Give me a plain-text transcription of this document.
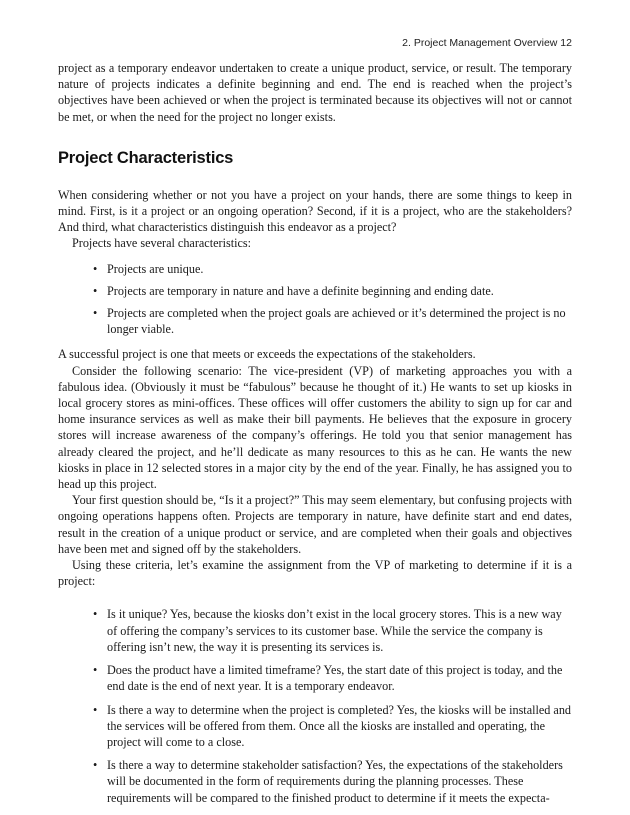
2. Project Management Overview 12

project as a temporary endeavor undertaken to create a unique product, service, or result. The temporary nature of projects indicates a definite beginning and end. The end is reached when the project’s objectives have been achieved or when the project is terminated because its objectives will not or cannot be met, or when the need for the project no longer exists.

Project Characteristics

When considering whether or not you have a project on your hands, there are some things to keep in mind. First, is it a project or an ongoing operation? Second, if it is a project, who are the stakeholders? And third, what characteristics distinguish this endeavor as a project?

Projects have several characteristics:

• Projects are unique.
• Projects are temporary in nature and have a definite beginning and ending date.
• Projects are completed when the project goals are achieved or it’s determined the project is no longer viable.

A successful project is one that meets or exceeds the expectations of the stakeholders.

Consider the following scenario: The vice-president (VP) of marketing approaches you with a fabulous idea. (Obviously it must be “fabulous” because he thought of it.) He wants to set up kiosks in local grocery stores as mini-offices. These offices will offer customers the ability to sign up for car and home insurance services as well as make their bill payments. He believes that the exposure in grocery stores will increase awareness of the company’s offerings. He told you that senior management has already cleared the project, and he’ll dedicate as many resources to this as he can. He wants the new kiosks in place in 12 selected stores in a major city by the end of the year. Finally, he has assigned you to head up this project.

Your first question should be, “Is it a project?” This may seem elementary, but confusing projects with ongoing operations happens often. Projects are temporary in nature, have definite start and end dates, result in the creation of a unique product or service, and are completed when their goals and objectives have been met and signed off by the stakeholders.

Using these criteria, let’s examine the assignment from the VP of marketing to determine if it is a project:

• Is it unique? Yes, because the kiosks don’t exist in the local grocery stores. This is a new way of offering the company’s services to its customer base. While the service the company is offering isn’t new, the way it is presenting its services is.
• Does the product have a limited timeframe? Yes, the start date of this project is today, and the end date is the end of next year. It is a temporary endeavor.
• Is there a way to determine when the project is completed? Yes, the kiosks will be installed and the services will be offered from them. Once all the kiosks are installed and operating, the project will come to a close.
• Is there a way to determine stakeholder satisfaction? Yes, the expectations of the stakeholders will be documented in the form of requirements during the planning processes. These requirements will be compared to the finished product to determine if it meets the expecta-
